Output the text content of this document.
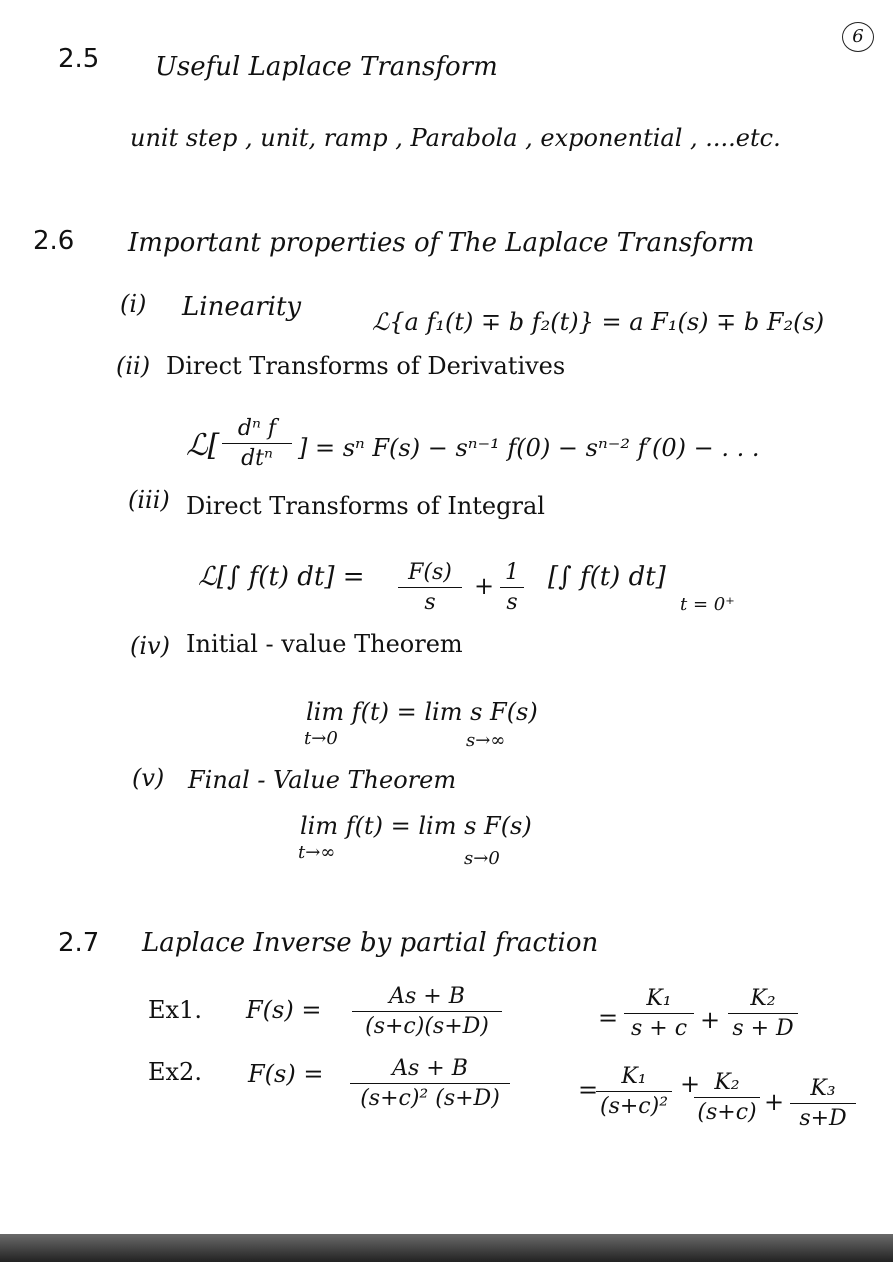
6
2.5 Useful Laplace Transform
unit step , unit, ramp , Parabola , exponential , ....etc.
2.6 Important properties of The Laplace Transform
(i) Linearity	ℒ{a f₁(t) ∓ b f₂(t)} = a F₁(s) ∓ b F₂(s)
(ii) Direct Transforms of Derivatives
ℒ[ dⁿ f
dtⁿ	] = sⁿ F(s) − sⁿ⁻¹ f(0) − sⁿ⁻² f′(0) − . . .
(iii) Direct Transforms of Integral
ℒ[∫ f(t) dt] =	F(s)
s
+ 1
s
[∫ f(t) dt]
t = 0⁺
(iv) Initial - value Theorem
lim f(t) = lim s F(s)
t→0	s→∞
(v) Final - Value Theorem
lim f(t) = lim s F(s)
t→∞	s→0
2.7 Laplace Inverse by partial fraction
Ex1. F(s) =	As + B
(s+c)(s+D)	=
K₁
s + c +
K₂
s + D
Ex2. F(s) =	As + B
(s+c)² (s+D)	=	K₁
(s+c)²
+ K₂
(s+c) +	K₃
s+D
